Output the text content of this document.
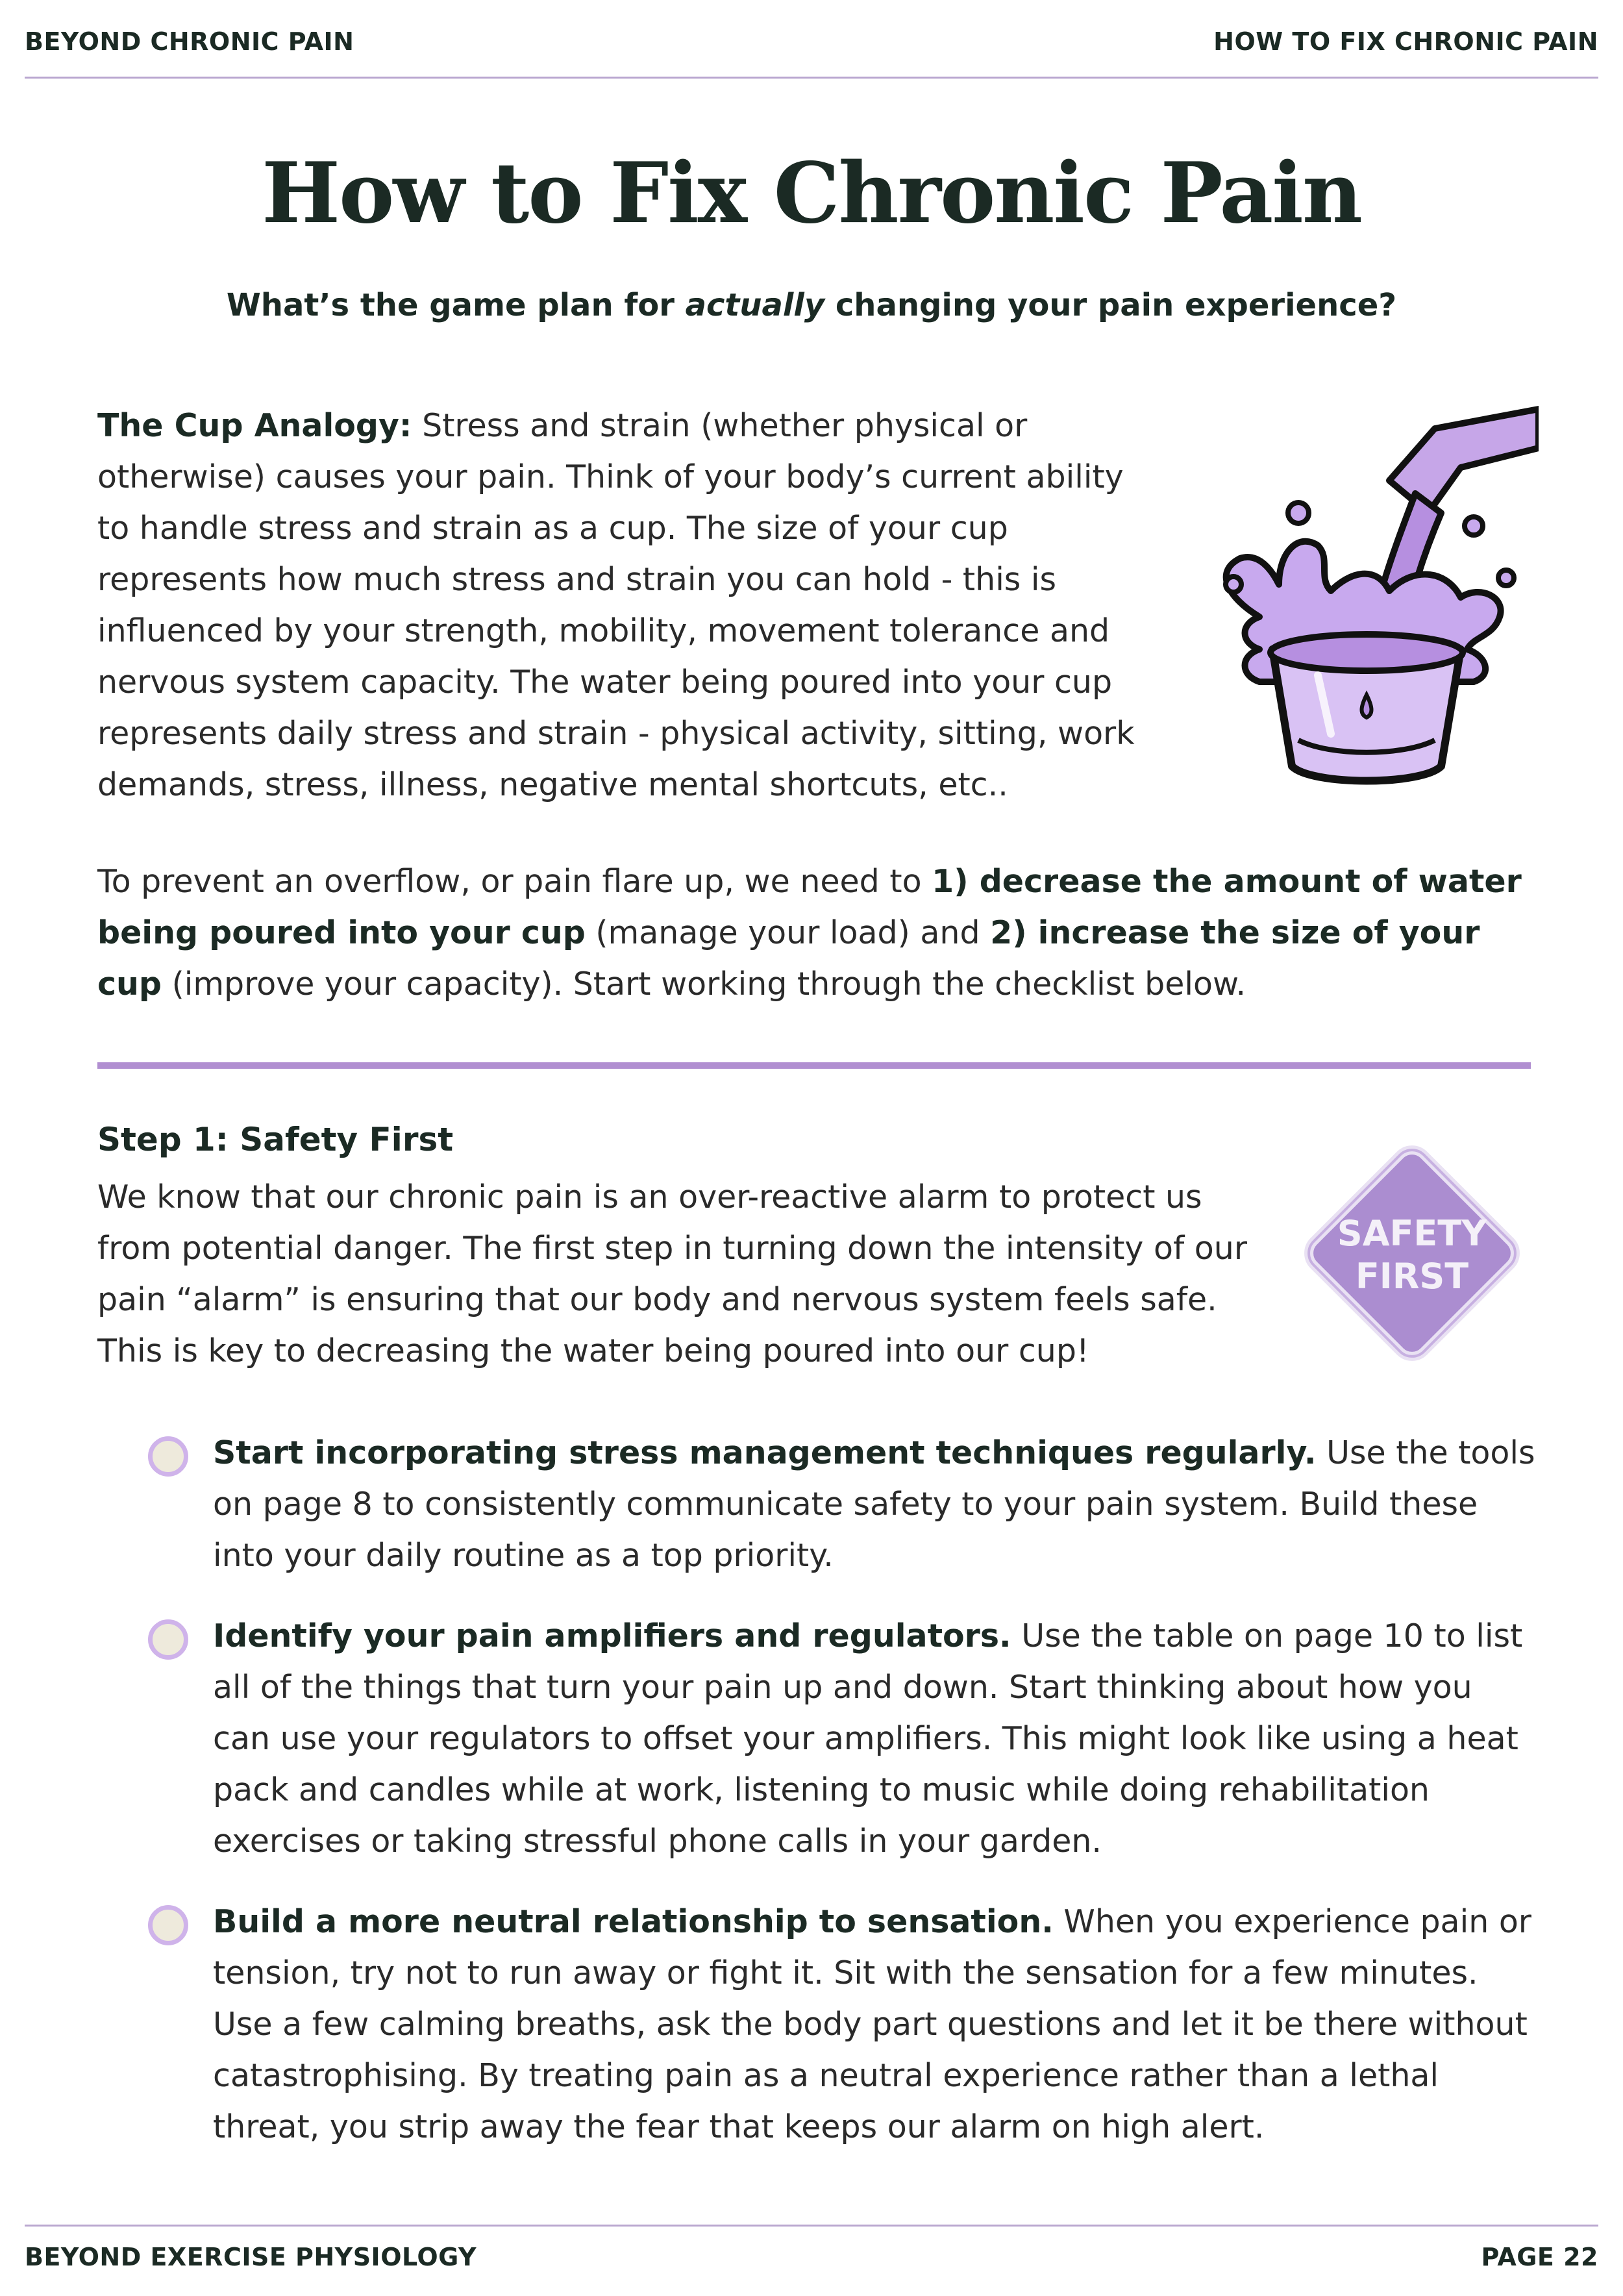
BEYOND CHRONIC PAIN	HOW TO FIX CHRONIC PAIN
How to Fix Chronic Pain
What’s the game plan for actually changing your pain experience?
The Cup Analogy: Stress and strain (whether physical or otherwise) causes your pain. Think of your body’s current ability to handle stress and strain as a cup. The size of your cup represents how much stress and strain you can hold - this is influenced by your strength, mobility, movement tolerance and nervous system capacity. The water being poured into your cup represents daily stress and strain - physical activity, sitting, work demands, stress, illness, negative mental shortcuts, etc..
To prevent an overflow, or pain flare up, we need to 1) decrease the amount of water being poured into your cup (manage your load) and 2) increase the size of your cup (improve your capacity). Start working through the checklist below.
Step 1: Safety First
We know that our chronic pain is an over-reactive alarm to protect us from potential danger. The first step in turning down the intensity of our pain “alarm” is ensuring that our body and nervous system feels safe. This is key to decreasing the water being poured into our cup!
SAFETY
FIRST
Start incorporating stress management techniques regularly. Use the tools on page 8 to consistently communicate safety to your pain system. Build these into your daily routine as a top priority.
Identify your pain amplifiers and regulators. Use the table on page 10 to list all of the things that turn your pain up and down. Start thinking about how you can use your regulators to offset your amplifiers. This might look like using a heat pack and candles while at work, listening to music while doing rehabilitation exercises or taking stressful phone calls in your garden.
Build a more neutral relationship to sensation. When you experience pain or tension, try not to run away or fight it. Sit with the sensation for a few minutes. Use a few calming breaths, ask the body part questions and let it be there without catastrophising. By treating pain as a neutral experience rather than a lethal threat, you strip away the fear that keeps our alarm on high alert.
BEYOND EXERCISE PHYSIOLOGY	PAGE 22
